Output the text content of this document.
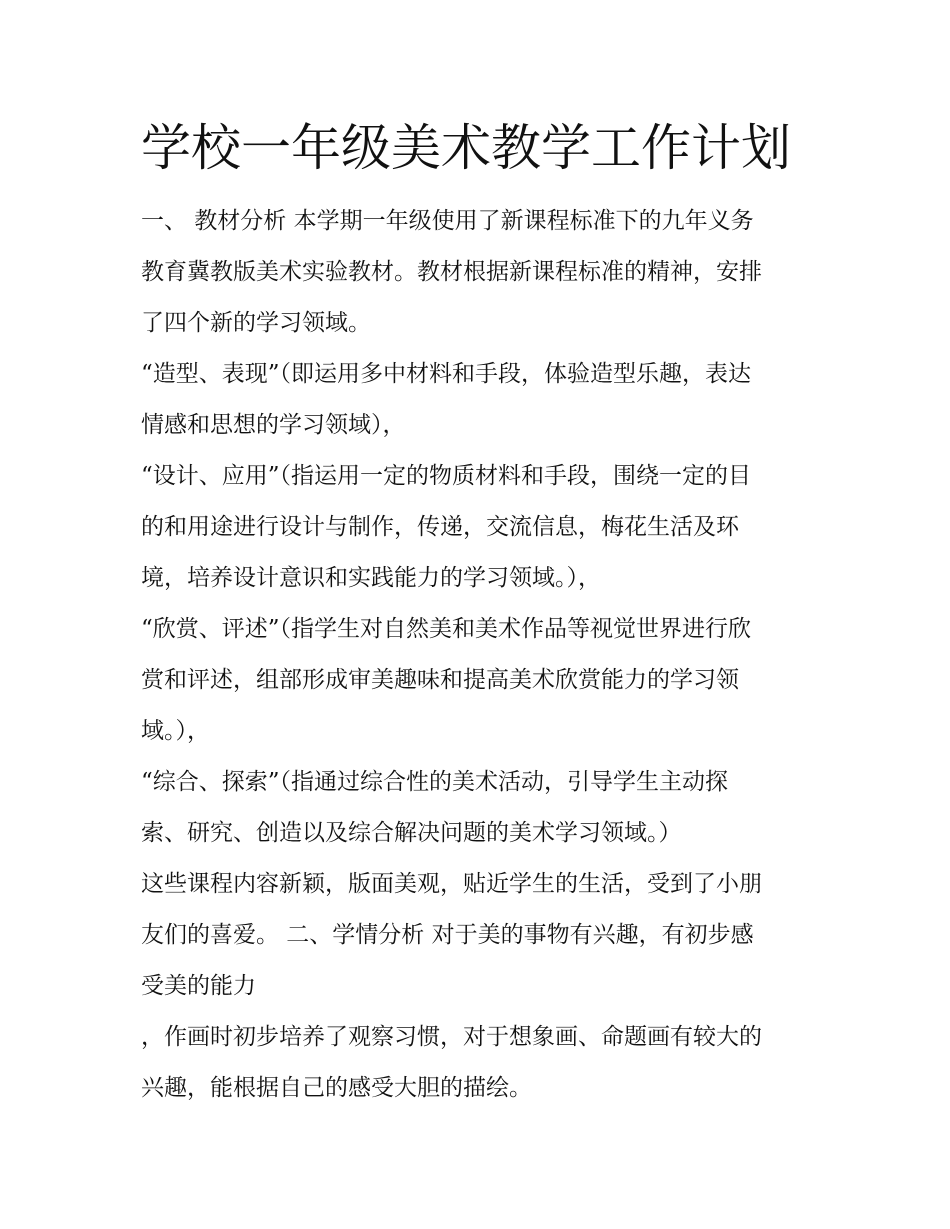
学校一年级美术教学工作计划
一、 教材分析 本学期一年级使用了新课程标准下的九年义务
教育冀教版美术实验教材。教材根据新课程标准的精神，安排
了四个新的学习领域。
“造型、表现”（即运用多中材料和手段，体验造型乐趣，表达
情感和思想的学习领域），
“设计、应用”（指运用一定的物质材料和手段，围绕一定的目
的和用途进行设计与制作，传递，交流信息，梅花生活及环
境，培养设计意识和实践能力的学习领域。），
“欣赏、评述”（指学生对自然美和美术作品等视觉世界进行欣
赏和评述，组部形成审美趣味和提高美术欣赏能力的学习领
域。），
“综合、探索”（指通过综合性的美术活动，引导学生主动探
索、研究、创造以及综合解决问题的美术学习领域。）
这些课程内容新颖，版面美观，贴近学生的生活，受到了小朋
友们的喜爱。 二、学情分析 对于美的事物有兴趣，有初步感
受美的能力
，作画时初步培养了观察习惯，对于想象画、命题画有较大的
兴趣，能根据自己的感受大胆的描绘。
